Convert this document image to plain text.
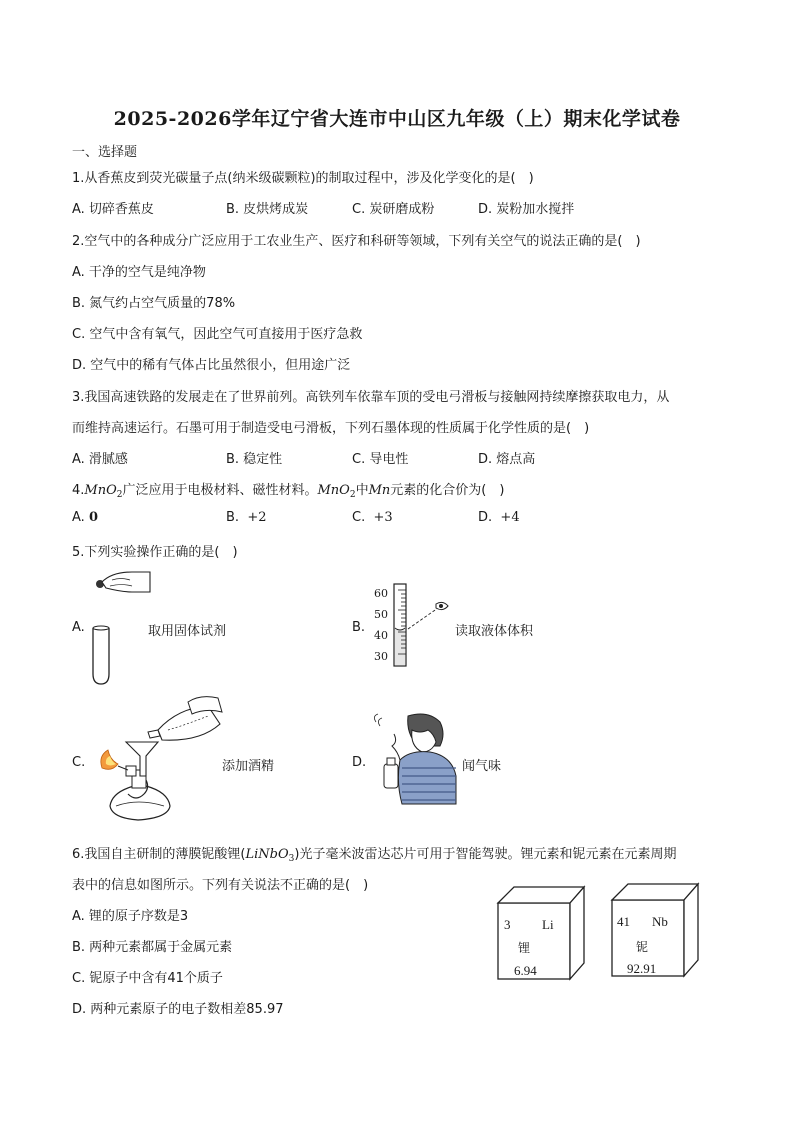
2025-2026学年辽宁省大连市中山区九年级（上）期末化学试卷
一、选择题
1.从香蕉皮到荧光碳量子点(纳米级碳颗粒)的制取过程中，涉及化学变化的是(　)
A. 切碎香蕉皮	B. 皮烘烤成炭	C. 炭研磨成粉	D. 炭粉加水搅拌
2.空气中的各种成分广泛应用于工农业生产、医疗和科研等领域，下列有关空气的说法正确的是(　)
A. 干净的空气是纯净物
B. 氮气约占空气质量的78%
C. 空气中含有氧气，因此空气可直接用于医疗急救
D. 空气中的稀有气体占比虽然很小，但用途广泛
3.我国高速铁路的发展走在了世界前列。高铁列车依靠车顶的受电弓滑板与接触网持续摩擦获取电力，从
而维持高速运行。石墨可用于制造受电弓滑板，下列石墨体现的性质属于化学性质的是(　)
A. 滑腻感	B. 稳定性	C. 导电性	D. 熔点高
4.MnO$_2$广泛应用于电极材料、磁性材料。MnO$_2$中Mn元素的化合价为(　)
A. 0	B. +2	C. +3	D. +4
5.下列实验操作正确的是(　)
A.	取用固体试剂	B.
60
50
40
30
读取液体体积
C.	添加酒精	D.	闻气味
6.我国自主研制的薄膜铌酸锂(LiNbO$_3$)光子毫米波雷达芯片可用于智能驾驶。锂元素和铌元素在元素周期
表中的信息如图所示。下列有关说法不正确的是(　)
A. 锂的原子序数是3
B. 两种元素都属于金属元素
C. 铌原子中含有41个质子
D. 两种元素原子的电子数相差85.97
3 Li
锂
6.94
41 Nb
铌
92.91
